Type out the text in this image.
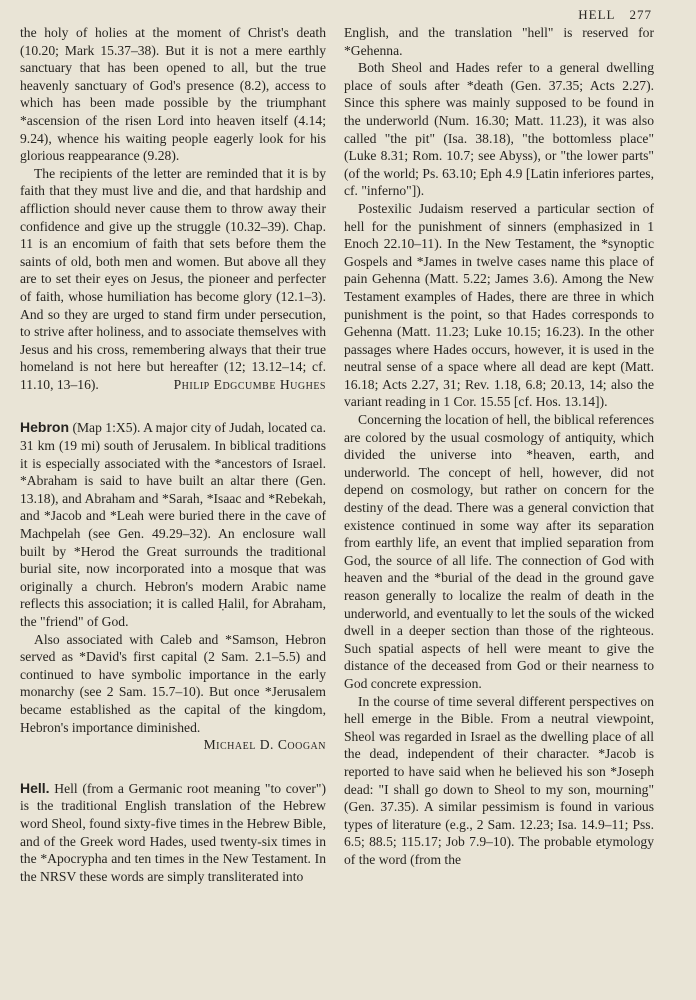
HELL 277

the holy of holies at the moment of Christ's death (10.20; Mark 15.37–38). But it is not a mere earthly sanctuary that has been opened to all, but the true heavenly sanctuary of God's presence (8.2), access to which has been made possible by the triumphant *ascension of the risen Lord into heaven itself (4.14; 9.24), whence his waiting people eagerly look for his glorious reappearance (9.28).

The recipients of the letter are reminded that it is by faith that they must live and die, and that hardship and affliction should never cause them to throw away their confidence and give up the struggle (10.32–39). Chap. 11 is an encomium of faith that sets before them the saints of old, both men and women. But above all they are to set their eyes on Jesus, the pioneer and perfecter of faith, whose humiliation has become glory (12.1–3). And so they are urged to stand firm under persecution, to strive after holiness, and to associate themselves with Jesus and his cross, remembering always that their true homeland is not here but hereafter (12; 13.12–14; cf. 11.10, 13–16).	Philip Edgcumbe Hughes

Hebron (Map 1:X5). A major city of Judah, located ca. 31 km (19 mi) south of Jerusalem. In biblical traditions it is especially associated with the *ancestors of Israel. *Abraham is said to have built an altar there (Gen. 13.18), and Abraham and *Sarah, *Isaac and *Rebekah, and *Jacob and *Leah were buried there in the cave of Machpelah (see Gen. 49.29–32). An enclosure wall built by *Herod the Great surrounds the traditional burial site, now incorporated into a mosque that was originally a church. Hebron's modern Arabic name reflects this association; it is called Ḥalil, for Abraham, the "friend" of God.

Also associated with Caleb and *Samson, Hebron served as *David's first capital (2 Sam. 2.1–5.5) and continued to have symbolic importance in the early monarchy (see 2 Sam. 15.7–10). But once *Jerusalem became established as the capital of the kingdom, Hebron's importance diminished.
Michael D. Coogan

Hell. Hell (from a Germanic root meaning "to cover") is the traditional English translation of the Hebrew word Sheol, found sixty-five times in the Hebrew Bible, and of the Greek word Hades, used twenty-six times in the *Apocrypha and ten times in the New Testament. In the NRSV these words are simply transliterated into

English, and the translation "hell" is reserved for *Gehenna.

Both Sheol and Hades refer to a general dwelling place of souls after *death (Gen. 37.35; Acts 2.27). Since this sphere was mainly supposed to be found in the underworld (Num. 16.30; Matt. 11.23), it was also called "the pit" (Isa. 38.18), "the bottomless place" (Luke 8.31; Rom. 10.7; see Abyss), or "the lower parts" (of the world; Ps. 63.10; Eph 4.9 [Latin inferiores partes, cf. "inferno"]).

Postexilic Judaism reserved a particular section of hell for the punishment of sinners (emphasized in 1 Enoch 22.10–11). In the New Testament, the *synoptic Gospels and *James in twelve cases name this place of pain Gehenna (Matt. 5.22; James 3.6). Among the New Testament examples of Hades, there are three in which punishment is the point, so that Hades corresponds to Gehenna (Matt. 11.23; Luke 10.15; 16.23). In the other passages where Hades occurs, however, it is used in the neutral sense of a space where all dead are kept (Matt. 16.18; Acts 2.27, 31; Rev. 1.18, 6.8; 20.13, 14; also the variant reading in 1 Cor. 15.55 [cf. Hos. 13.14]).

Concerning the location of hell, the biblical references are colored by the usual cosmology of antiquity, which divided the universe into *heaven, earth, and underworld. The concept of hell, however, did not depend on cosmology, but rather on concern for the destiny of the dead. There was a general conviction that existence continued in some way after its separation from earthly life, an event that implied separation from God, the source of all life. The connection of God with heaven and the *burial of the dead in the ground gave reason generally to localize the realm of death in the underworld, and eventually to let the souls of the wicked dwell in a deeper section than those of the righteous. Such spatial aspects of hell were meant to give the distance of the deceased from God or their nearness to God concrete expression.

In the course of time several different perspectives on hell emerge in the Bible. From a neutral viewpoint, Sheol was regarded in Israel as the dwelling place of all the dead, independent of their character. *Jacob is reported to have said when he believed his son *Joseph dead: "I shall go down to Sheol to my son, mourning" (Gen. 37.35). A similar pessimism is found in various types of literature (e.g., 2 Sam. 12.23; Isa. 14.9–11; Pss. 6.5; 88.5; 115.17; Job 7.9–10). The probable etymology of the word (from the
